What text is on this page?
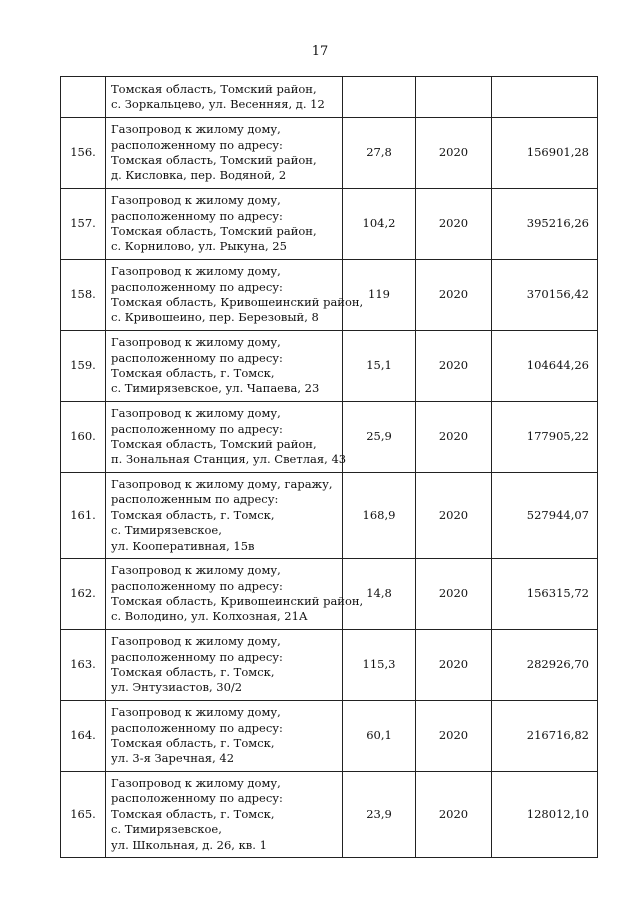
17

	Томская область, Томский район,
с. Зоркальцево, ул. Весенняя, д. 12			

156.	Газопровод к жилому дому,
расположенному по адресу:
Томская область, Томский район,
д. Кисловка, пер. Водяной, 2	27,8	2020	156901,28
157.	Газопровод к жилому дому,
расположенному по адресу:
Томская область, Томский район,
с. Корнилово, ул. Рыкуна, 25	104,2	2020	395216,26
158.	Газопровод к жилому дому,
расположенному по адресу:
Томская область, Кривошеинский район,
с. Кривошеино, пер. Березовый, 8	119	2020	370156,42
159.	Газопровод к жилому дому,
расположенному по адресу:
Томская область, г. Томск,
с. Тимирязевское, ул. Чапаева, 23	15,1	2020	104644,26
160.	Газопровод к жилому дому,
расположенному по адресу:
Томская область, Томский район,
п. Зональная Станция, ул. Светлая, 43	25,9	2020	177905,22
161.	Газопровод к жилому дому, гаражу,
расположенным по адресу:
Томская область, г. Томск,
с. Тимирязевское,
ул. Кооперативная, 15в	168,9	2020	527944,07
162.	Газопровод к жилому дому,
расположенному по адресу:
Томская область, Кривошеинский район,
с. Володино, ул. Колхозная, 21А	14,8	2020	156315,72
163.	Газопровод к жилому дому,
расположенному по адресу:
Томская область, г. Томск,
ул. Энтузиастов, 30/2	115,3	2020	282926,70
164.	Газопровод к жилому дому,
расположенному по адресу:
Томская область, г. Томск,
ул. 3-я Заречная, 42	60,1	2020	216716,82
165.	Газопровод к жилому дому,
расположенному по адресу:
Томская область, г. Томск,
с. Тимирязевское,
ул. Школьная, д. 26, кв. 1	23,9	2020	128012,10
